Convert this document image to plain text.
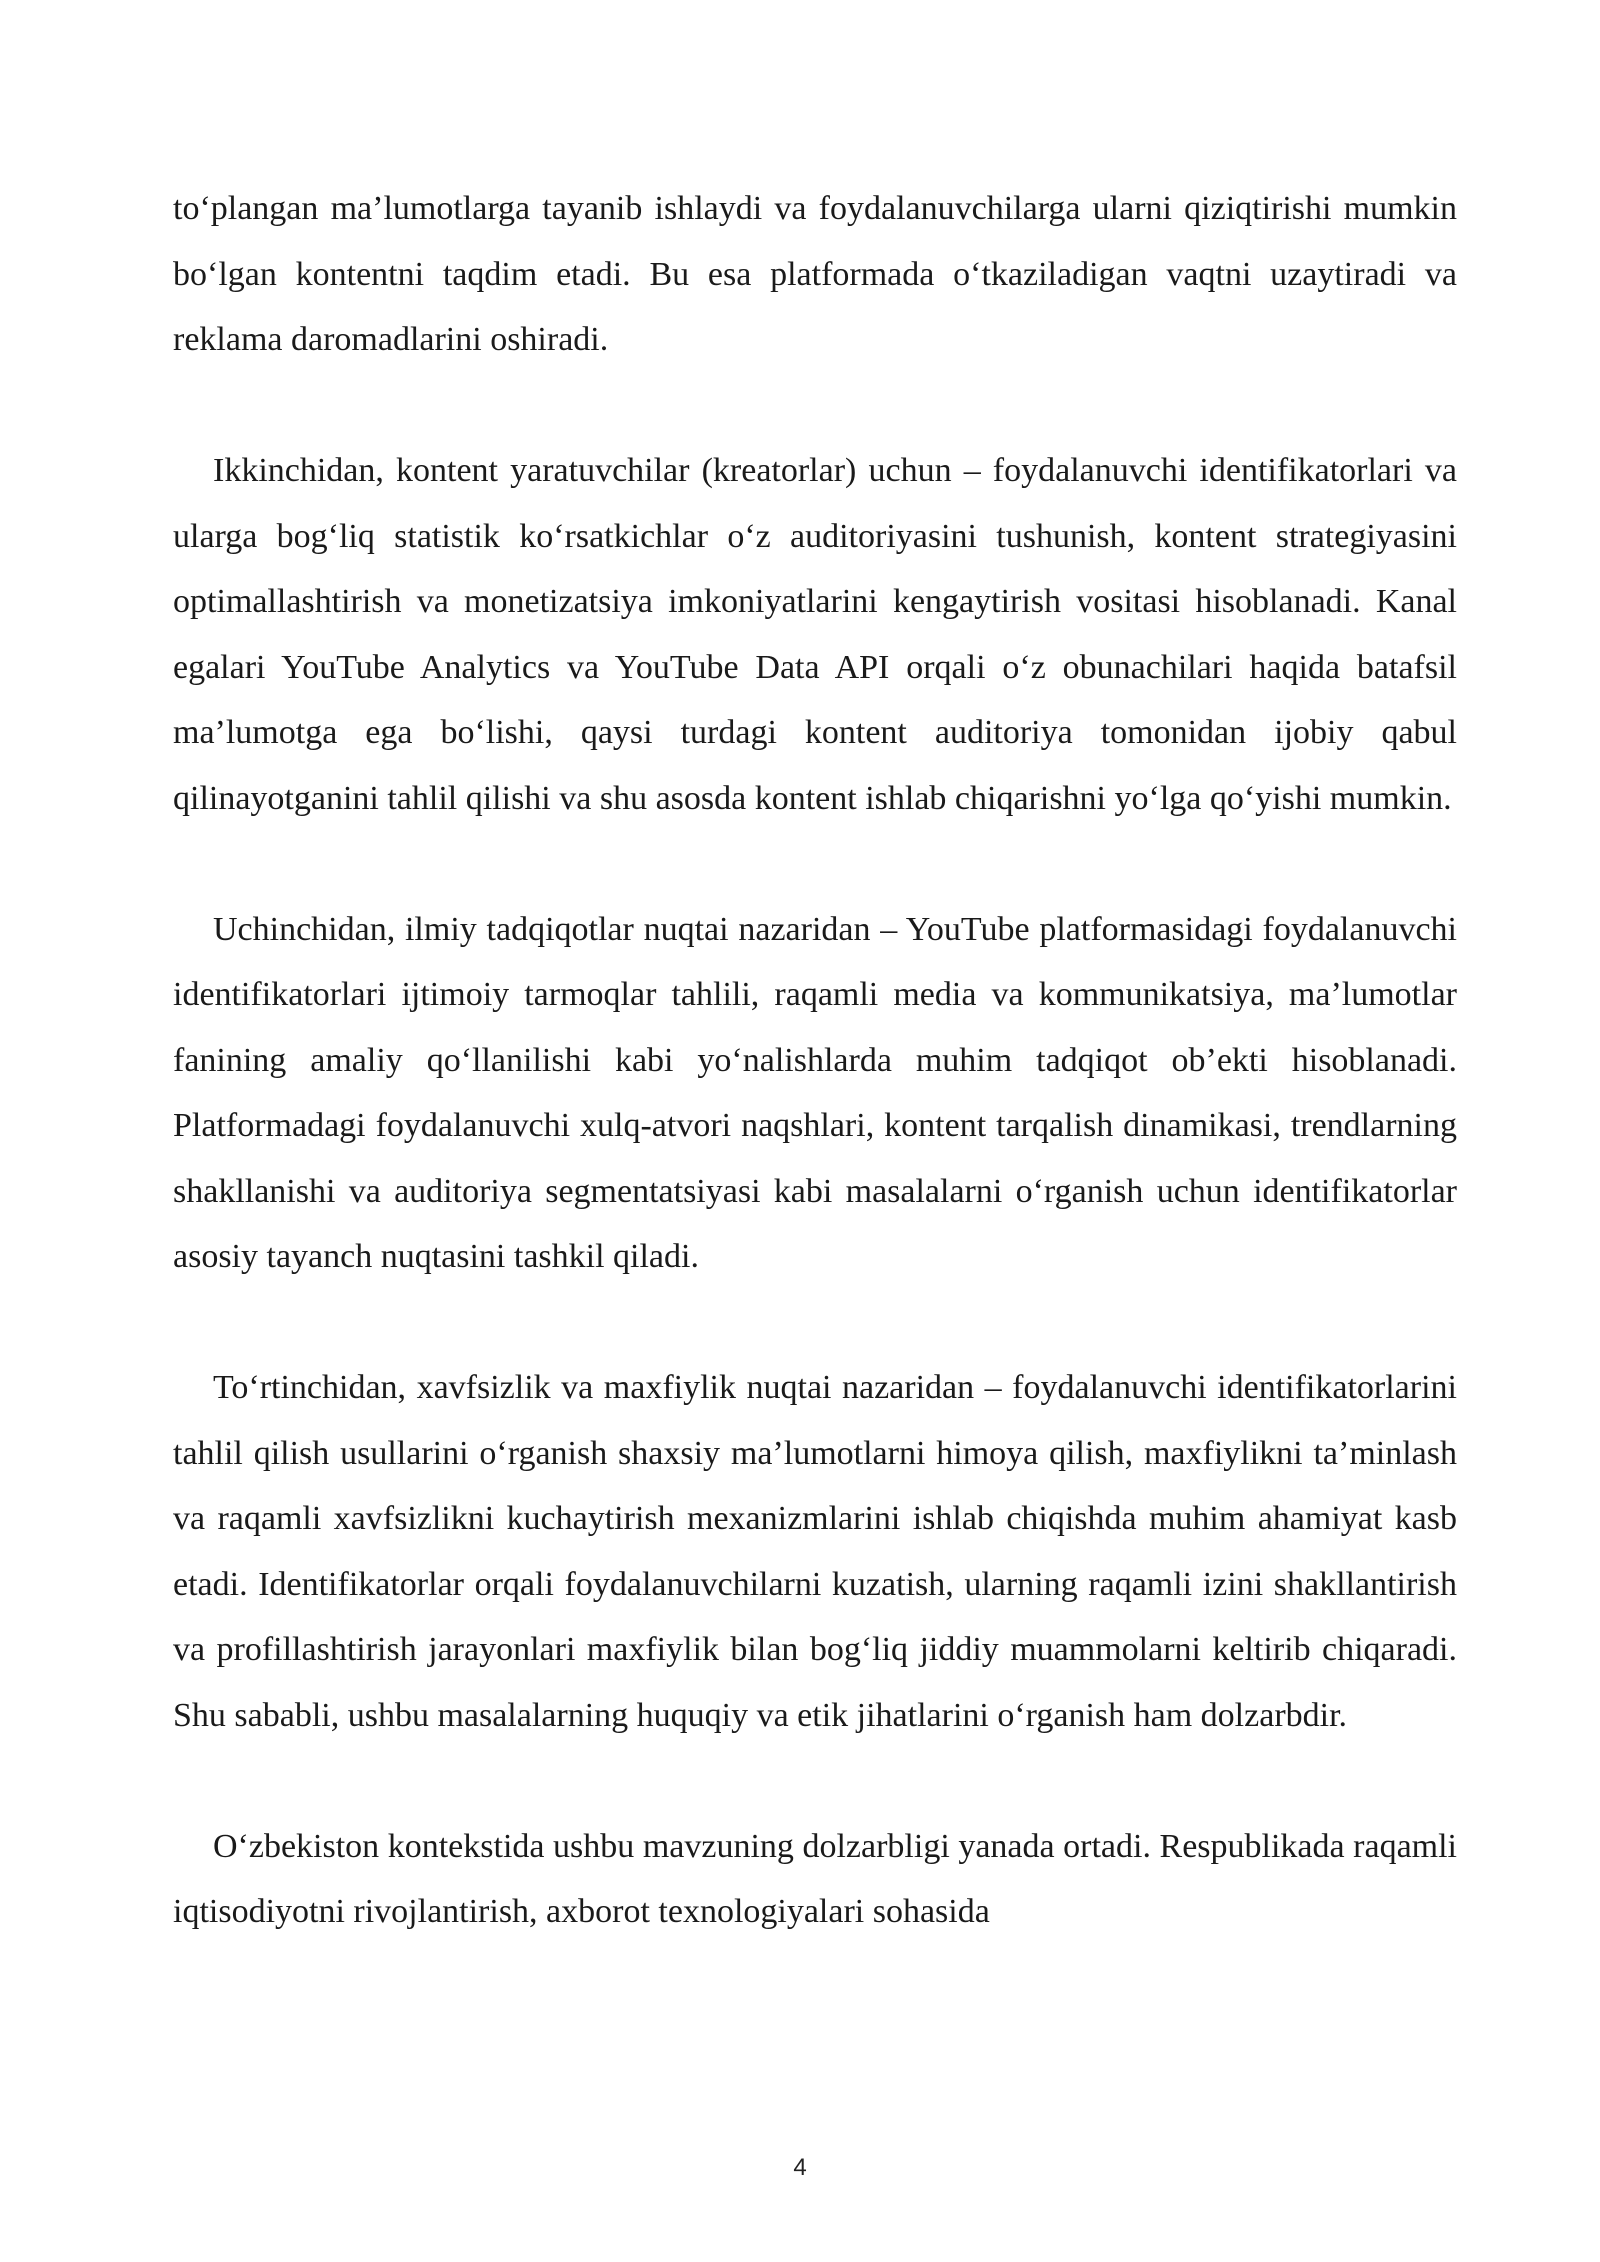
to‘plangan ma’lumotlarga tayanib ishlaydi va foydalanuvchilarga ularni qiziqtirishi mumkin bo‘lgan kontentni taqdim etadi. Bu esa platformada o‘tkaziladigan vaqtni uzaytiradi va reklama daromadlarini oshiradi.

Ikkinchidan, kontent yaratuvchilar (kreatorlar) uchun – foydalanuvchi identifikatorlari va ularga bog‘liq statistik ko‘rsatkichlar o‘z auditoriyasini tushunish, kontent strategiyasini optimallashtirish va monetizatsiya imkoniyatlarini kengaytirish vositasi hisoblanadi. Kanal egalari YouTube Analytics va YouTube Data API orqali o‘z obunachilari haqida batafsil ma’lumotga ega bo‘lishi, qaysi turdagi kontent auditoriya tomonidan ijobiy qabul qilinayotganini tahlil qilishi va shu asosda kontent ishlab chiqarishni yo‘lga qo‘yishi mumkin.

Uchinchidan, ilmiy tadqiqotlar nuqtai nazaridan – YouTube platformasidagi foydalanuvchi identifikatorlari ijtimoiy tarmoqlar tahlili, raqamli media va kommunikatsiya, ma’lumotlar fanining amaliy qo‘llanilishi kabi yo‘nalishlarda muhim tadqiqot ob’ekti hisoblanadi. Platformadagi foydalanuvchi xulq-atvori naqshlari, kontent tarqalish dinamikasi, trendlarning shakllanishi va auditoriya segmentatsiyasi kabi masalalarni o‘rganish uchun identifikatorlar asosiy tayanch nuqtasini tashkil qiladi.

To‘rtinchidan, xavfsizlik va maxfiylik nuqtai nazaridan – foydalanuvchi identifikatorlarini tahlil qilish usullarini o‘rganish shaxsiy ma’lumotlarni himoya qilish, maxfiylikni ta’minlash va raqamli xavfsizlikni kuchaytirish mexanizmlarini ishlab chiqishda muhim ahamiyat kasb etadi. Identifikatorlar orqali foydalanuvchilarni kuzatish, ularning raqamli izini shakllantirish va profillashtirish jarayonlari maxfiylik bilan bog‘liq jiddiy muammolarni keltirib chiqaradi. Shu sababli, ushbu masalalarning huquqiy va etik jihatlarini o‘rganish ham dolzarbdir.

O‘zbekiston kontekstida ushbu mavzuning dolzarbligi yanada ortadi. Respublikada raqamli iqtisodiyotni rivojlantirish, axborot texnologiyalari sohasida

4
